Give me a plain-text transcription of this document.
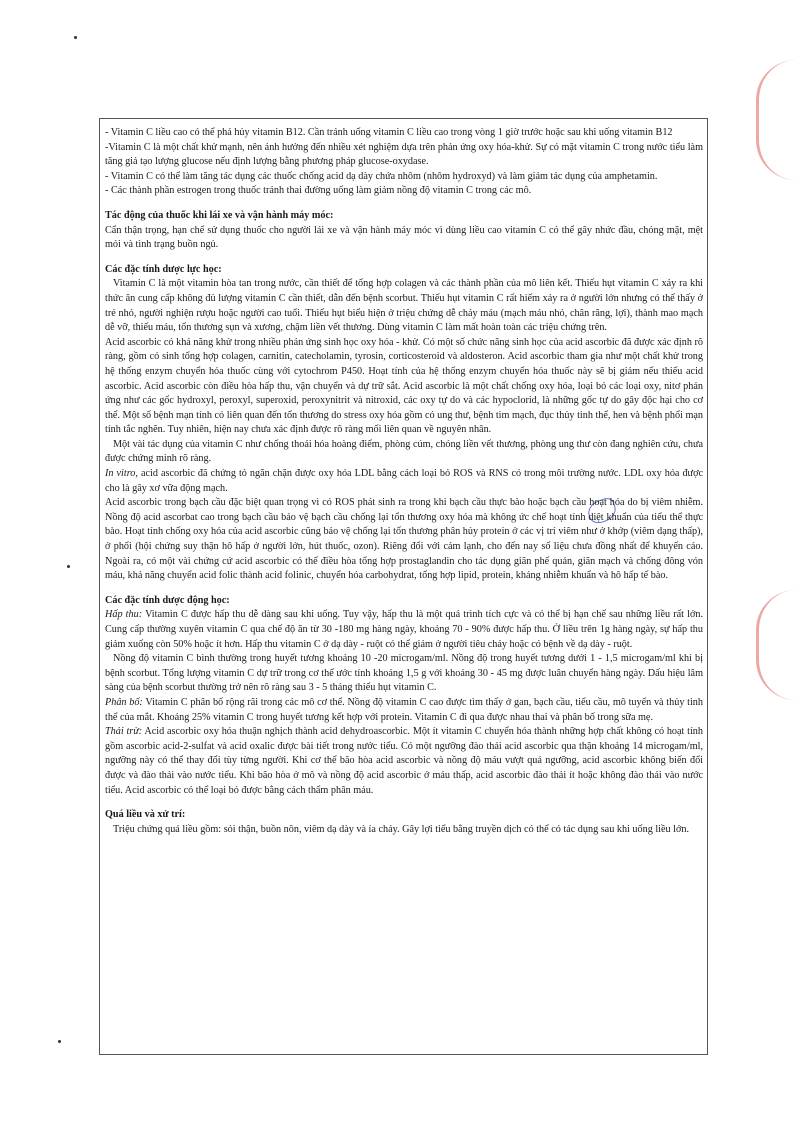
- Vitamin C liều cao có thể phá hủy vitamin B12. Cần tránh uống vitamin C liều cao trong vòng 1 giờ trước hoặc sau khi uống vitamin B12

-Vitamin C là một chất khử mạnh, nên ảnh hưởng đến nhiều xét nghiệm dựa trên phản ứng oxy hóa-khử. Sự có mặt vitamin C trong nước tiểu làm tăng giả tạo lượng glucose nếu định lượng bằng phương pháp glucose-oxydase.

- Vitamin C có thể làm tăng tác dụng các thuốc chống acid dạ dày chứa nhôm (nhôm hydroxyd) và làm giảm tác dụng của amphetamin.

- Các thành phần estrogen trong thuốc tránh thai đường uống làm giảm nồng độ vitamin C trong các mô.

Tác động của thuốc khi lái xe và vận hành máy móc:

Cẩn thận trọng, hạn chế sử dụng thuốc cho người lái xe và vận hành máy móc vì dùng liều cao vitamin C có thể gây nhức đầu, chóng mặt, mệt mỏi và tình trạng buồn ngủ.

Các đặc tính dược lực học:

Vitamin C là một vitamin hòa tan trong nước, cần thiết để tổng hợp colagen và các thành phần của mô liên kết. Thiếu hụt vitamin C xảy ra khi thức ăn cung cấp không đủ lượng vitamin C cần thiết, dẫn đến bệnh scorbut. Thiếu hụt vitamin C rất hiếm xảy ra ở người lớn nhưng có thể thấy ở trẻ nhỏ, người nghiện rượu hoặc người cao tuổi. Thiếu hụt biểu hiện ở triệu chứng dễ chảy máu (mạch máu nhỏ, chân răng, lợi), thành mao mạch dễ vỡ, thiếu máu, tổn thương sụn và xương, chậm liền vết thương. Dùng vitamin C làm mất hoàn toàn các triệu chứng trên.

Acid ascorbic có khả năng khử trong nhiều phản ứng sinh học oxy hóa - khử. Có một số chức năng sinh học của acid ascorbic đã được xác định rõ ràng, gồm có sinh tổng hợp colagen, carnitin, catecholamin, tyrosin, corticosteroid và aldosteron. Acid ascorbic tham gia như một chất khử trong hệ thống enzym chuyển hóa thuốc cùng với cytochrom P450. Hoạt tính của hệ thống enzym chuyển hóa thuốc này sẽ bị giảm nếu thiếu acid ascorbic. Acid ascorbic còn điều hòa hấp thu, vận chuyển và dự trữ sắt. Acid ascorbic là một chất chống oxy hóa, loại bỏ các loại oxy, nitơ phản ứng như các gốc hydroxyl, peroxyl, superoxid, peroxynitrit và nitroxid, các oxy tự do và các hypoclorid, là những gốc tự do gây độc hại cho cơ thể. Một số bệnh mạn tính có liên quan đến tổn thương do stress oxy hóa gồm có ung thư, bệnh tim mạch, đục thủy tinh thể, hen và bệnh phổi mạn tính tắc nghẽn. Tuy nhiên, hiện nay chưa xác định được rõ ràng mối liên quan về nguyên nhân.

Một vài tác dụng của vitamin C như chống thoái hóa hoàng điểm, phòng cúm, chóng liền vết thương, phòng ung thư còn đang nghiên cứu, chưa được chứng minh rõ ràng.

In vitro, acid ascorbic đã chứng tỏ ngăn chặn được oxy hóa LDL bằng cách loại bỏ ROS và RNS có trong môi trường nước. LDL oxy hóa được cho là gây xơ vữa động mạch.

Acid ascorbic trong bạch cầu đặc biệt quan trọng vì có ROS phát sinh ra trong khi bạch cầu thực bào hoặc bạch cầu hoạt hóa do bị viêm nhiễm. Nồng độ acid ascorbat cao trong bạch cầu bảo vệ bạch cầu chống lại tổn thương oxy hóa mà không ức chế hoạt tính diệt khuẩn của tiểu thể thực bào. Hoạt tính chống oxy hóa của acid ascorbic cũng bảo vệ chống lại tổn thương phân hủy protein ở các vị trí viêm như ở khớp (viêm dạng thấp), ở phổi (hội chứng suy thận hô hấp ở người lớn, hút thuốc, ozon). Riêng đối với cảm lạnh, cho đến nay số liệu chưa đồng nhất để khuyến cáo. Ngoài ra, có một vài chứng cứ acid ascorbic có thể điều hòa tổng hợp prostaglandin cho tác dụng giãn phế quản, giãn mạch và chống đông vón máu, khả năng chuyển acid folic thành acid folinic, chuyển hóa carbohydrat, tổng hợp lipid, protein, kháng nhiễm khuẩn và hô hấp tế bào.

Các đặc tính dược động học:

Hấp thu: Vitamin C được hấp thu dễ dàng sau khi uống. Tuy vậy, hấp thu là một quá trình tích cực và có thể bị hạn chế sau những liều rất lớn. Cung cấp thường xuyên vitamin C qua chế độ ăn từ 30 -180 mg hàng ngày, khoảng 70 - 90% được hấp thu. Ở liều trên 1g hàng ngày, sự hấp thu giảm xuống còn 50% hoặc ít hơn. Hấp thu vitamin C ở dạ dày - ruột có thể giảm ở người tiêu chảy hoặc có bệnh về dạ dày - ruột.

Nồng độ vitamin C bình thường trong huyết tương khoảng 10 -20 microgam/ml. Nồng độ trong huyết tương dưới 1 - 1,5 microgam/ml khi bị bệnh scorbut. Tổng lượng vitamin C dự trữ trong cơ thể ước tính khoảng 1,5 g với khoảng 30 - 45 mg được luân chuyển hàng ngày. Dấu hiệu lâm sàng của bệnh scorbut thường trở nên rõ ràng sau 3 - 5 tháng thiếu hụt vitamin C.

Phân bố: Vitamin C phân bố rộng rãi trong các mô cơ thể. Nồng độ vitamin C cao được tìm thấy ở gan, bạch cầu, tiểu cầu, mô tuyến và thủy tinh thể của mắt. Khoảng 25% vitamin C trong huyết tương kết hợp với protein. Vitamin C đi qua được nhau thai và phân bố trong sữa mẹ.

Thải trừ: Acid ascorbic oxy hóa thuận nghịch thành acid dehydroascorbic. Một ít vitamin C chuyển hóa thành những hợp chất không có hoạt tính gồm ascorbic acid-2-sulfat và acid oxalic được bài tiết trong nước tiểu. Có một ngưỡng đào thải acid ascorbic qua thận khoảng 14 microgam/ml, ngưỡng này có thể thay đổi tùy từng người. Khi cơ thể bão hòa acid ascorbic và nồng độ máu vượt quá ngưỡng, acid ascorbic không biến đổi được và đào thải vào nước tiểu. Khi bão hòa ở mô và nồng độ acid ascorbic ở máu thấp, acid ascorbic đào thải ít hoặc không đào thải vào nước tiểu. Acid ascorbic có thể loại bỏ được bằng cách thẩm phân máu.

Quá liều và xử trí:

Triệu chứng quá liều gồm: sỏi thận, buồn nôn, viêm dạ dày và ỉa chảy. Gây lợi tiểu bằng truyền dịch có thể có tác dụng sau khi uống liều lớn.
